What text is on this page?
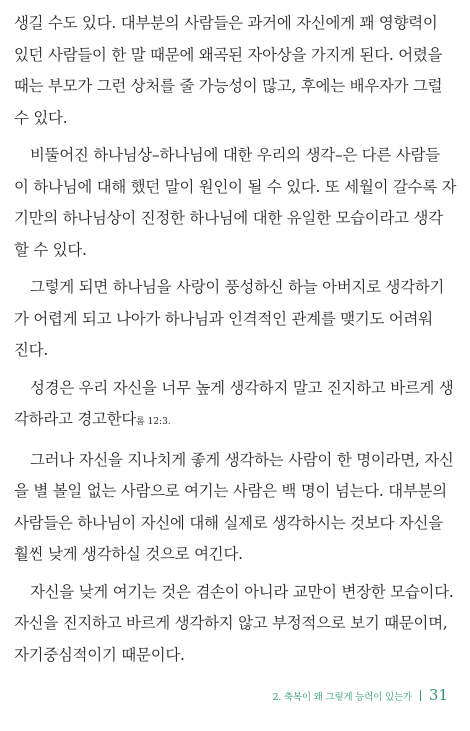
생길 수도 있다. 대부분의 사람들은 과거에 자신에게 꽤 영향력이
있던 사람들이 한 말 때문에 왜곡된 자아상을 가지게 된다. 어렸을
때는 부모가 그런 상처를 줄 가능성이 많고, 후에는 배우자가 그럴
수 있다.

비뚤어진 하나님상–하나님에 대한 우리의 생각–은 다른 사람들
이 하나님에 대해 했던 말이 원인이 될 수 있다. 또 세월이 갈수록 자
기만의 하나님상이 진정한 하나님에 대한 유일한 모습이라고 생각
할 수 있다.

그렇게 되면 하나님을 사랑이 풍성하신 하늘 아버지로 생각하기
가 어렵게 되고 나아가 하나님과 인격적인 관계를 맺기도 어려워
진다.

성경은 우리 자신을 너무 높게 생각하지 말고 진지하고 바르게 생
각하라고 경고한다롬 12:3.

그러나 자신을 지나치게 좋게 생각하는 사람이 한 명이라면, 자신
을 별 볼일 없는 사람으로 여기는 사람은 백 명이 넘는다. 대부분의
사람들은 하나님이 자신에 대해 실제로 생각하시는 것보다 자신을
훨씬 낮게 생각하실 것으로 여긴다.

자신을 낮게 여기는 것은 겸손이 아니라 교만이 변장한 모습이다.
자신을 진지하고 바르게 생각하지 않고 부정적으로 보기 때문이며,
자기중심적이기 때문이다.

2. 축복이 왜 그렇게 능력이 있는가 31
